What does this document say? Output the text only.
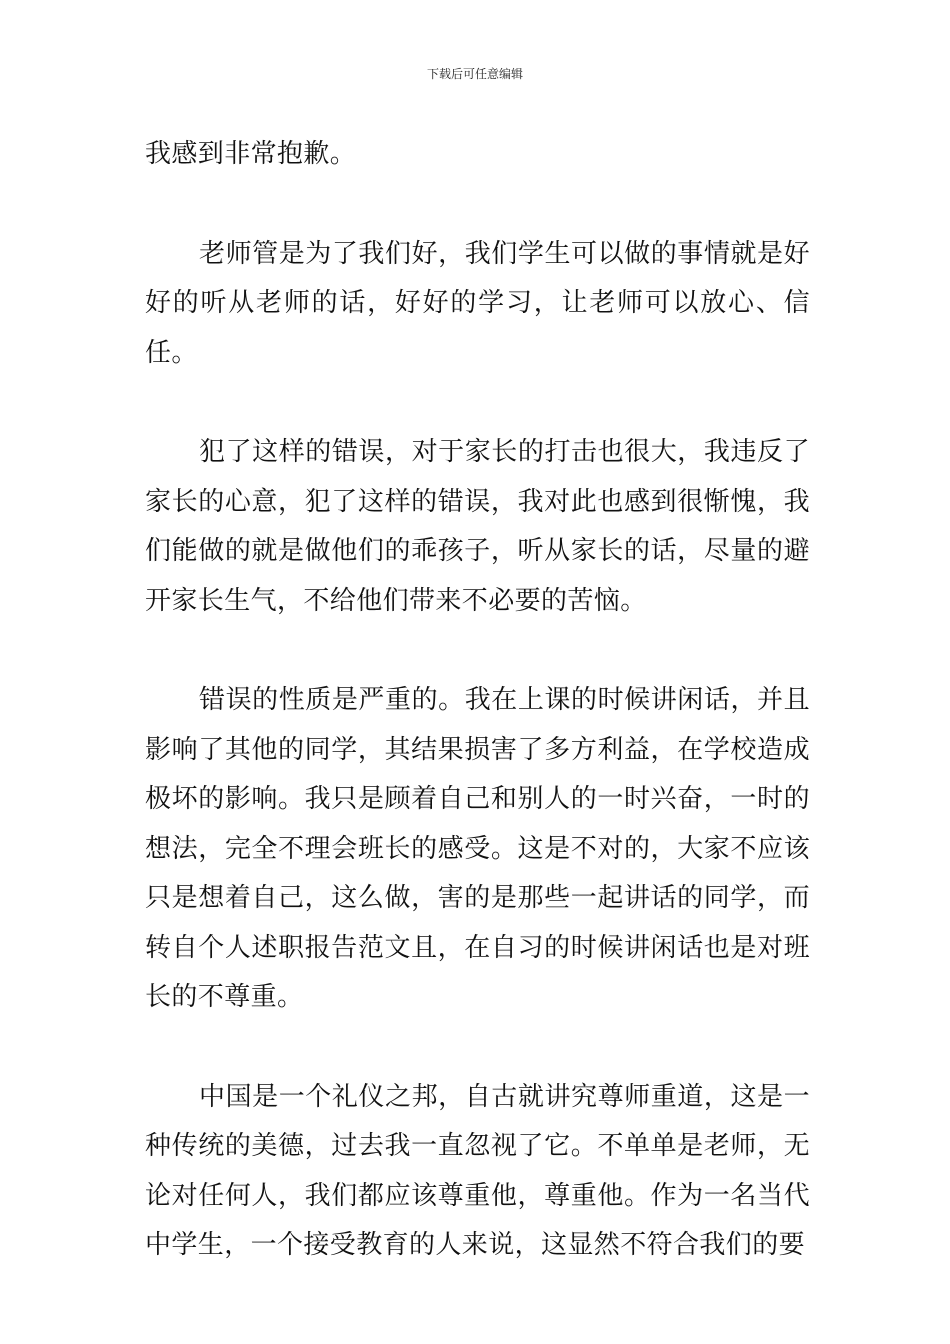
下载后可任意编辑

我感到非常抱歉。

老师管是为了我们好，我们学生可以做的事情就是好好的听从老师的话，好好的学习，让老师可以放心、信任。

犯了这样的错误，对于家长的打击也很大，我违反了家长的心意，犯了这样的错误，我对此也感到很惭愧，我们能做的就是做他们的乖孩子，听从家长的话，尽量的避开家长生气，不给他们带来不必要的苦恼。

错误的性质是严重的。我在上课的时候讲闲话，并且影响了其他的同学，其结果损害了多方利益，在学校造成极坏的影响。我只是顾着自己和别人的一时兴奋，一时的想法，完全不理会班长的感受。这是不对的，大家不应该只是想着自己，这么做，害的是那些一起讲话的同学，而转自个人述职报告范文且，在自习的时候讲闲话也是对班长的不尊重。

中国是一个礼仪之邦，自古就讲究尊师重道，这是一种传统的美德，过去我一直忽视了它。不单单是老师，无论对任何人，我们都应该尊重他，尊重他。作为一名当代中学生，一个接受教育的人来说，这显然不符合我们的要
